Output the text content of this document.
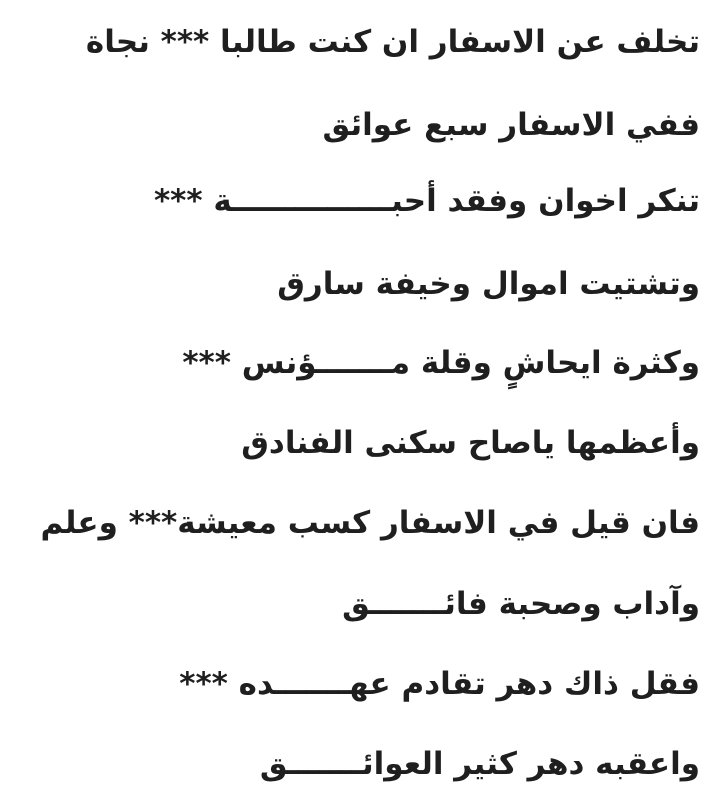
تخلف عن الاسفار ان كنت طالبا *** نجاة
ففي الاسفار سبع عوائق
تنكر اخوان وفقد أحبـــــــــــــــة ***
وتشتيت اموال وخيفة سارق
وكثرة ايحاشٍ وقلة مـــــــؤنس ***
وأعظمها ياصاح سكنى الفنادق
فان قيل في الاسفار كسب معيشة*** وعلم
وآداب وصحبة فائـــــــق
فقل ذاك دهر تقادم عهـــــــده ***
واعقبه دهر كثير العوائـــــــق
